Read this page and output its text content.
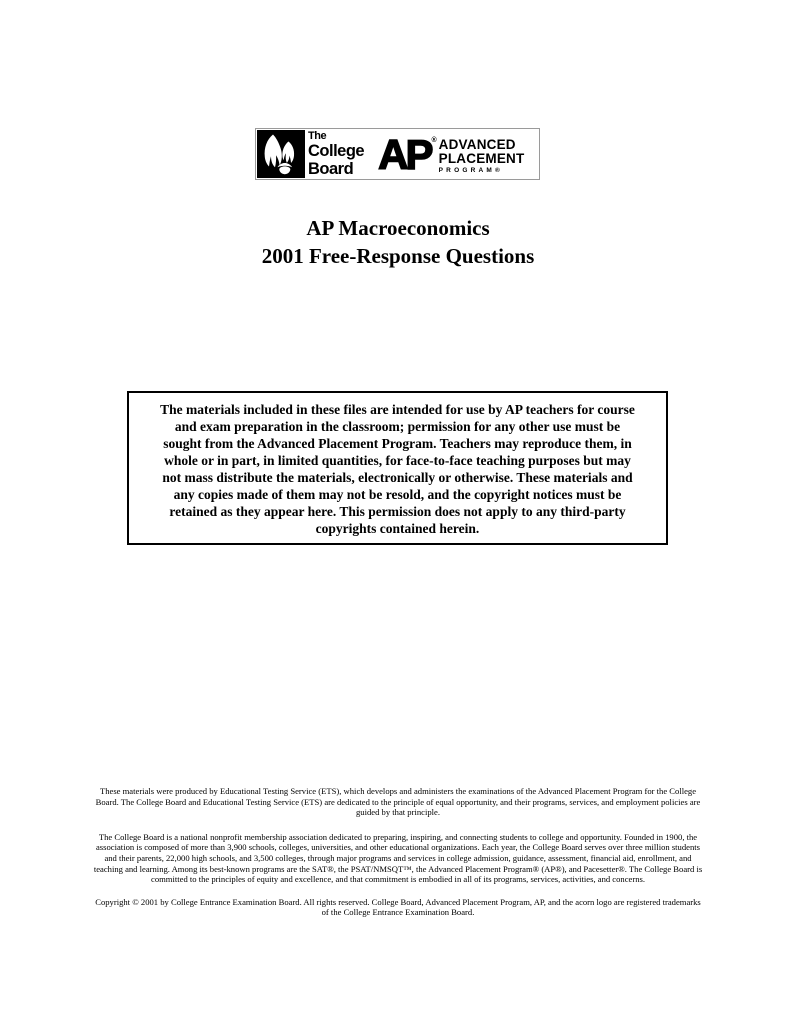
The
College
Board AP ® ADVANCED
PLACEMENT
PROGRAM®
AP Macroeconomics
2001 Free-Response Questions
The materials included in these files are intended for use by AP teachers for course
and exam preparation in the classroom; permission for any other use must be
sought from the Advanced Placement Program. Teachers may reproduce them, in
whole or in part, in limited quantities, for face-to-face teaching purposes but may
not mass distribute the materials, electronically or otherwise. These materials and
any copies made of them may not be resold, and the copyright notices must be
retained as they appear here. This permission does not apply to any third-party
copyrights contained herein.

These materials were produced by Educational Testing Service (ETS), which develops and administers the examinations of the Advanced Placement Program for the College Board. The College Board and Educational Testing Service (ETS) are dedicated to the principle of equal opportunity, and their programs, services, and employment policies are guided by that principle.

The College Board is a national nonprofit membership association dedicated to preparing, inspiring, and connecting students to college and opportunity. Founded in 1900, the association is composed of more than 3,900 schools, colleges, universities, and other educational organizations. Each year, the College Board serves over three million students and their parents, 22,000 high schools, and 3,500 colleges, through major programs and services in college admission, guidance, assessment, financial aid, enrollment, and teaching and learning. Among its best-known programs are the SAT®, the PSAT/NMSQT™, the Advanced Placement Program® (AP®), and Pacesetter®. The College Board is committed to the principles of equity and excellence, and that commitment is embodied in all of its programs, services, activities, and concerns.

Copyright © 2001 by College Entrance Examination Board. All rights reserved. College Board, Advanced Placement Program, AP, and the acorn logo are registered trademarks of the College Entrance Examination Board.
